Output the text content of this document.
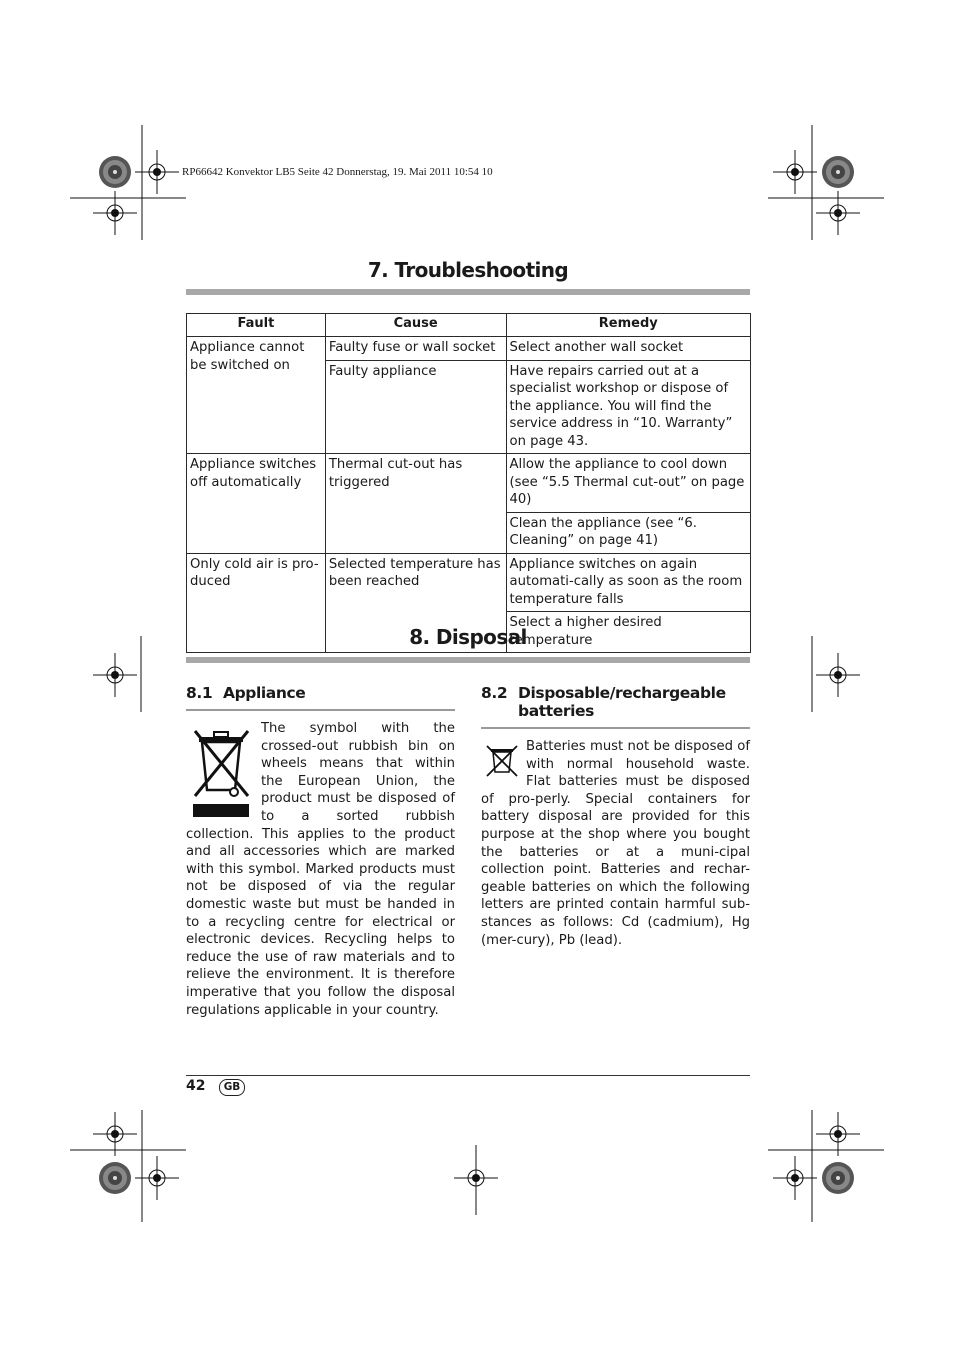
RP66642 Konvektor LB5 Seite 42 Donnerstag, 19. Mai 2011 10:54 10
7. Troubleshooting
Fault	Cause	Remedy
Appliance cannot be switched on	Faulty fuse or wall socket	Select another wall socket
	Faulty appliance	Have repairs carried out at a specialist workshop or dispose of the appliance. You will find the service address in “10. Warranty” on page 43.
Appliance switches off automatically	Thermal cut-out has triggered	Allow the appliance to cool down (see “5.5 Thermal cut-out” on page 40)
		Clean the appliance (see “6. Cleaning” on page 41)
Only cold air is pro-duced	Selected temperature has been reached	Appliance switches on again automati-cally as soon as the room temperature falls
		Select a higher desired temperature
8. Disposal
8.1 Appliance

The symbol with the crossed-out rubbish bin on wheels means that within the European Union, the product must be disposed of to a sorted rubbish collection. This applies to the product and all accessories which are marked with this symbol. Marked products must not be disposed of via the regular domestic waste but must be handed in to a recycling centre for electrical or electronic devices. Recycling helps to reduce the use of raw materials and to relieve the environment. It is therefore imperative that you follow the disposal regulations applicable in your country.

8.2 Disposable/rechargeable batteries

Batteries must not be disposed of with normal household waste. Flat batteries must be disposed of pro-perly. Special containers for battery disposal are provided for this purpose at the shop where you bought the batteries or at a muni-cipal collection point. Batteries and rechar-geable batteries on which the following letters are printed contain harmful sub-stances as follows: Cd (cadmium), Hg (mer-cury), Pb (lead).

42	GB
